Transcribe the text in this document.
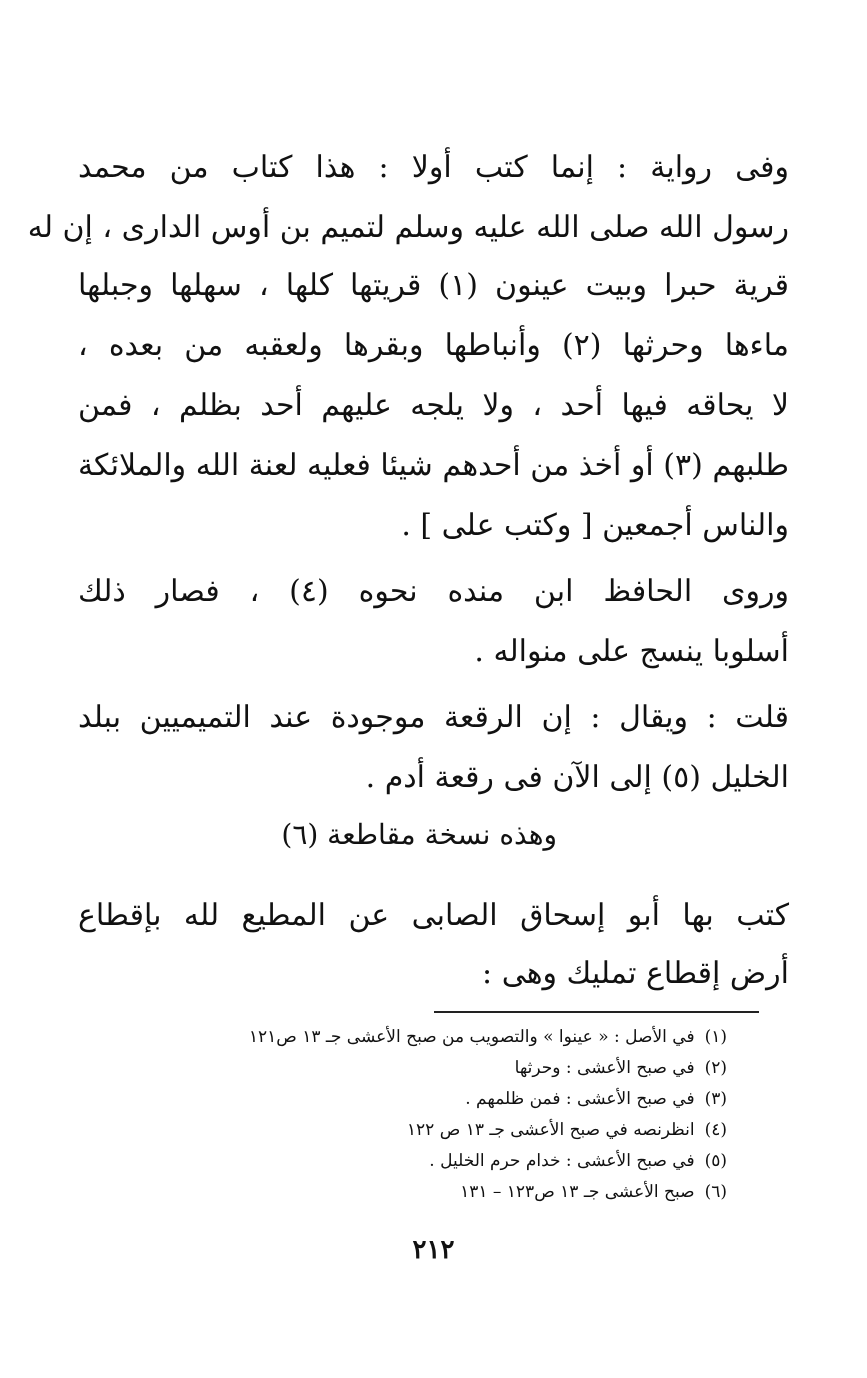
وفى رواية : إنما كتب أولا : هذا كتاب من محمد
رسول الله صلى الله عليه وسلم لتميم بن أوس الدارى ، إن له
قرية حبرا وبيت عينون (١) قريتها كلها ، سهلها وجبلها
ماءها وحرثها (٢) وأنباطها وبقرها ولعقبه من بعده ،
لا يحاقه فيها أحد ، ولا يلجه عليهم أحد بظلم ، فمن
طلبهم (٣) أو أخذ من أحدهم شيئا فعليه لعنة الله والملائكة
والناس أجمعين [ وكتب على ] .
وروى الحافظ ابن منده نحوه (٤) ، فصار ذلك
أسلوبا ينسج على منواله .
قلت : ويقال : إن الرقعة موجودة عند التميميين ببلد
الخليل (٥) إلى الآن فى رقعة أدم .
وهذه نسخة مقاطعة (٦)
كتب بها أبو إسحاق الصابى عن المطيع لله بإقطاع
أرض إقطاع تمليك وهى :
(١)في الأصل : « عينوا » والتصويب من صبح الأعشى جـ ١٣ ص١٢١
(٢)في صبح الأعشى : وحرثها
(٣)في صبح الأعشى : فمن ظلمهم .
(٤)انظرنصه في صبح الأعشى جـ ١٣ ص ١٢٢
(٥)في صبح الأعشى : خدام حرم الخليل .
(٦)صبح الأعشى جـ ١٣ ص١٢٣ – ١٣١
٢١٢
